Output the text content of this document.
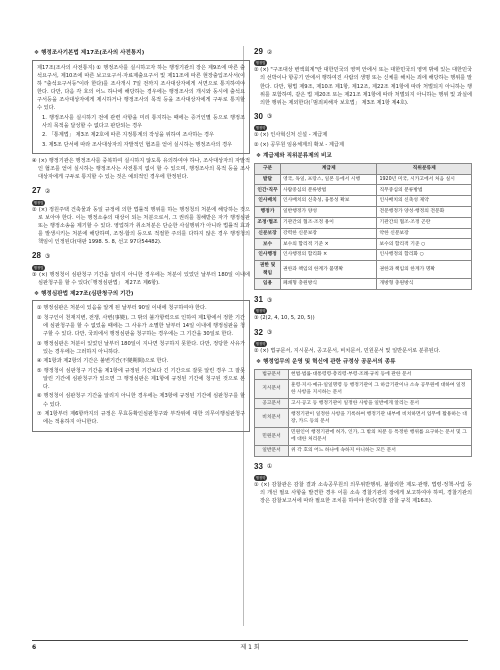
❖ 행정조사기본법 제17조(조사의 사전통지)

제17조(조사의 사전통지) ① 행정조사를 실시하고자 하는 행정기관의 장은 제9조에 따른 출석요구서, 제10조에 따른 보고요구서·자료제출요구서 및 제11조에 따른 현장출입조사서(이하 "출석요구서등"이라 한다)를 조사개시 7일 전까지 조사대상자에게 서면으로 통지하여야 한다. 다만, 다음 각 호의 어느 하나에 해당하는 경우에는 행정조사의 개시와 동시에 출석요구서등을 조사대상자에게 제시하거나 행정조사의 목적 등을 조사대상자에게 구두로 통지할 수 있다.

1. 행정조사를 실시하기 전에 관련 사항을 미리 통지하는 때에는 증거인멸 등으로 행정조사의 목적을 달성할 수 없다고 판단되는 경우

2. 「통계법」 제3조 제2호에 따른 지정통계의 작성을 위하여 조사하는 경우

3. 제5조 단서에 따라 조사대상자의 자발적인 협조를 얻어 실시하는 행정조사의 경우

④ (×) 행정기관은 행정조사를 중복하여 실시하지 않도록 유의하여야 하나, 조사대상자의 자발적인 협조를 얻어 실시하는 행정조사는 사전통지 없이 할 수 있으며, 행정조사의 목적 등을 조사대상자에게 구두로 통지할 수 있는 것은 예외적인 경우에 한정된다.

27 ②
행정법

② (×) 정원주택 건축물과 동일 규정에 의한 법률적 행위를 하는 행정청의 처분에 해당하는 것으로 보아야 한다. 이는 행정소송의 대상이 되는 처분으로서, 그 권리를 침해받은 자가 행정심판 또는 행정소송을 제기할 수 있다. 영업허가 취소처분은 단순한 사실행위가 아니라 법률적 효과를 발생시키는 처분에 해당하며, 조정·합의 등으로 적절한 주의를 다하지 않은 경우 행정청의 책임이 인정된다(대판 1998. 5. 8, 선고 97다54482).

28 ③
행정법

③ (×) 행정청이 심판청구 기간을 알리지 아니한 경우에는 처분이 있었던 날부터 180일 이내에 심판청구를 할 수 있다(「행정심판법」 제27조 제6항).

❖ 행정심판법 제27조(심판청구의 기간)

① 행정심판은 처분이 있음을 알게 된 날부터 90일 이내에 청구하여야 한다.

② 청구인이 천재지변, 전쟁, 사변(事變), 그 밖의 불가항력으로 인하여 제1항에서 정한 기간에 심판청구를 할 수 없었을 때에는 그 사유가 소멸한 날부터 14일 이내에 행정심판을 청구할 수 있다. 다만, 국외에서 행정심판을 청구하는 경우에는 그 기간을 30일로 한다.

③ 행정심판은 처분이 있었던 날부터 180일이 지나면 청구하지 못한다. 다만, 정당한 사유가 있는 경우에는 그러하지 아니하다.

④ 제1항과 제2항의 기간은 불변기간(不變期間)으로 한다.

⑤ 행정청이 심판청구 기간을 제1항에 규정된 기간보다 긴 기간으로 잘못 알린 경우 그 잘못 알린 기간에 심판청구가 있으면 그 행정심판은 제1항에 규정된 기간에 청구된 것으로 본다.

⑥ 행정청이 심판청구 기간을 알리지 아니한 경우에는 제3항에 규정된 기간에 심판청구를 할 수 있다.

⑦ 제1항부터 제6항까지의 규정은 무효등확인심판청구와 부작위에 대한 의무이행심판청구에는 적용하지 아니한다.

29 ②
행정법

② (×) "구조대상 변액회계"란 대한민국의 영역 안에서 또는 대한민국의 영역 밖에 있는 대한민국의 선박이나 항공기 안에서 행하여진 사람의 생명 또는 신체를 해치는 죄에 해당하는 행위를 말한다. 다만, 형법 제9조, 제10조 제1항, 제12조, 제22조 제1항에 따라 처벌되지 아니하는 행위를 포함하며, 같은 법 제20조 또는 제21조 제1항에 따라 처벌되지 아니하는 행위 및 과실에 의한 행위는 제외한다(「범죄피해자 보호법」 제3조 제1항 제4호).

30 ③
행정학

① (×) 인사혁신처 신설 - 계급제

② (×) 공무원 임용체계의 확보 - 계급제

❖ 계급제와 직위분류제의 비교
구분	계급제	직위분류제
발달	영국, 독일, 프랑스, 일본 등에서 시행	1920년 미국, 시카고에서 처음 실시
인간·직무	사람중심의 분류방법	직무중심의 분류방법
인사배치	인사배치의 신축성, 융통성 확보	인사배치의 신축성 제약
행정가	일반행정가 양성	전문행정가 양성·행정의 전문화
조정·협조	기관간의 협조·조정 용이	기관간의 협조·조정 곤란
신분보장	강력한 신분보장	약한 신분보장
보수	보수의 합리적 기준 ×	보수의 합리적 기준 ○
인사행정	인사행정의 합리화 ×	인사행정의 합리화 ○
권한 및 책임	권한과 책임의 한계가 불명확	권한과 책임의 한계가 명확
임용	폐쇄형 충원방식	개방형 충원방식
31 ③
행정학

③ (2(2, 4, 10, 5, 20, 5))

32 ③
행정학

② (×) 법규문서, 지시문서, 공고문서, 비치문서, 민원문서 및 일반문서로 분류된다.

❖ 행정업무의 운영 및 혁신에 관한 규정상 공문서의 종류
법규문서	헌법·법률·대통령령·총리령·부령·조례·규칙 등에 관한 문서
지시문서	훈령·지시·예규·일일명령 등 행정기관이 그 하급기관이나 소속 공무원에 대하여 일정한 사항을 지시하는 문서
공고문서	고시·공고 등 행정기관이 일정한 사항을 일반에게 알리는 문서
비치문서	행정기관이 일정한 사항을 기록하여 행정기관 내부에 비치하면서 업무에 활용하는 대장, 카드 등의 문서
민원문서	민원인이 행정기관에 허가, 인가, 그 밖의 처분 등 특정한 행위를 요구하는 문서 및 그에 대한 처리문서
일반문서	위 각 호의 어느 하나에 속하지 아니하는 모든 문서
33 ①
행정학

① (×) 감찰관은 감찰 결과 소속공무원의 의무위반행위, 불합리한 제도·관행, 법령·정책·사업 등의 개선 필요 사항을 발견한 경우 이를 소속 경찰기관의 장에게 보고하여야 하며, 경찰기관의 장은 감찰보고서에 따라 필요한 조치를 하여야 한다(경찰 감찰 규칙 제16조).

6	제 1 회
